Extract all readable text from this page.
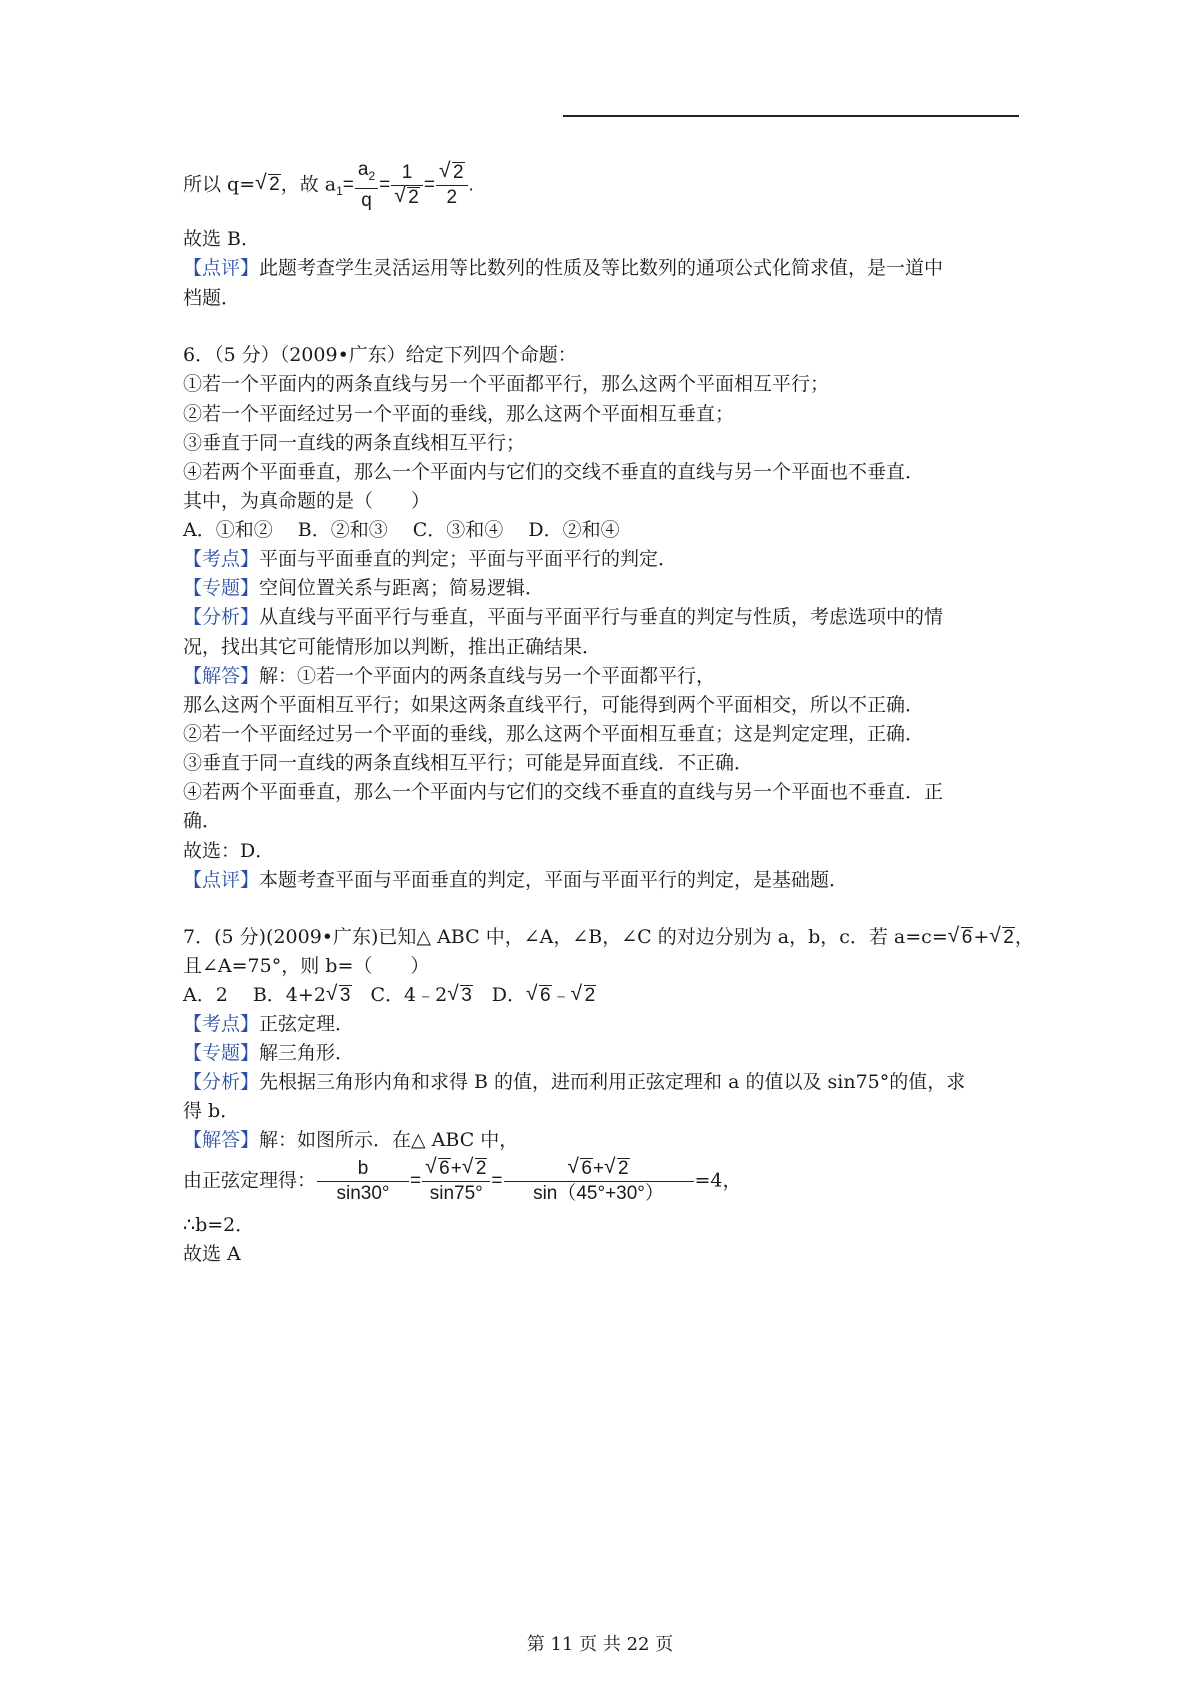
所以 q= √ 2，故 $a_1= \frac{a_2}{q} = 1$
√ 2 = √ $\frac{2}{2}$ .
故选 B．
【点评】此题考查学生灵活运用等比数列的性质及等比数列的通项公式化简求值，是一道中
档题．
6．（5 分）（2009•广东）给定下列四个命题：
①若一个平面内的两条直线与另一个平面都平行，那么这两个平面相互平行；
②若一个平面经过另一个平面的垂线，那么这两个平面相互垂直；
③垂直于同一直线的两条直线相互平行；
④若两个平面垂直，那么一个平面内与它们的交线不垂直的直线与另一个平面也不垂直．
其中，为真命题的是（　　）
A．①和②　 B．②和③　 C．③和④　 D．②和④
【考点】平面与平面垂直的判定；平面与平面平行的判定．
【专题】空间位置关系与距离；简易逻辑．
【分析】从直线与平面平行与垂直，平面与平面平行与垂直的判定与性质，考虑选项中的情
况，找出其它可能情形加以判断，推出正确结果．
【解答】解：①若一个平面内的两条直线与另一个平面都平行，
那么这两个平面相互平行；如果这两条直线平行，可能得到两个平面相交，所以不正确．
②若一个平面经过另一个平面的垂线，那么这两个平面相互垂直；这是判定定理，正确．
③垂直于同一直线的两条直线相互平行；可能是异面直线．不正确．
④若两个平面垂直，那么一个平面内与它们的交线不垂直的直线与另一个平面也不垂直．正
确．
故选：D．
【点评】本题考查平面与平面垂直的判定，平面与平面平行的判定，是基础题．
7．(5 分)(2009•广东)已知△ ABC 中，∠A，∠B，∠C 的对边分别为 a，b，c．若 a=c= √ 6+ √ 2，
且∠A=75°，则 b=（　　）
A．2　 B．4+2 √ 3　C．4﹣2 √ 3　D． √ 6﹣ √ 2
【考点】正弦定理．
【专题】解三角形．
【分析】先根据三角形内角和求得 B 的值，进而利用正弦定理和 a 的值以及 sin75°的值，求
得 b．
【解答】解：如图所示．在△ ABC 中，
由正弦定理得： $\frac{b}{\sin 30^\circ}$ = √ $\frac{6+ √ 2}{\sin 75^\circ}$ = √ $\frac{6+ √ 2}{\sin(45^\circ+30^\circ)} =4$，
∴b=2．
故选 A
第 11 页 共 22 页
